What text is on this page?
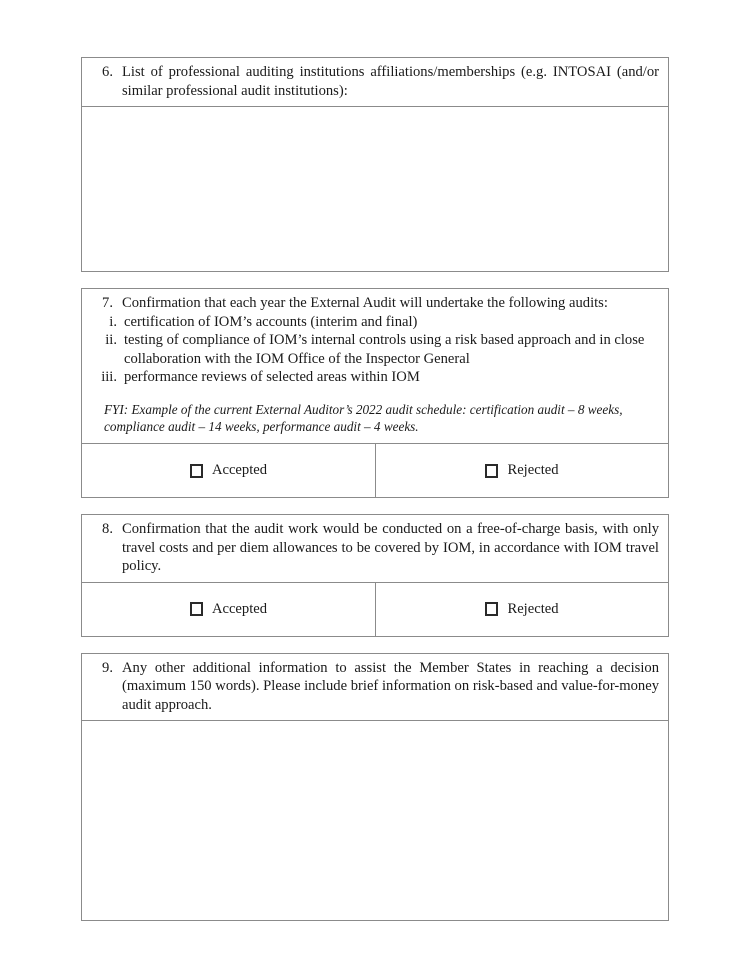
6. List of professional auditing institutions affiliations/memberships (e.g. INTOSAI (and/or similar professional audit institutions):
7. Confirmation that each year the External Audit will undertake the following audits:
i. certification of IOM’s accounts (interim and final)
ii. testing of compliance of IOM’s internal controls using a risk based approach and in close collaboration with the IOM Office of the Inspector General
iii. performance reviews of selected areas within IOM
FYI: Example of the current External Auditor’s 2022 audit schedule: certification audit – 8 weeks, compliance audit – 14 weeks, performance audit – 4 weeks.
Accepted	Rejected
8. Confirmation that the audit work would be conducted on a free-of-charge basis, with only travel costs and per diem allowances to be covered by IOM, in accordance with IOM travel policy.
Accepted	Rejected
9. Any other additional information to assist the Member States in reaching a decision (maximum 150 words). Please include brief information on risk-based and value-for-money audit approach.
